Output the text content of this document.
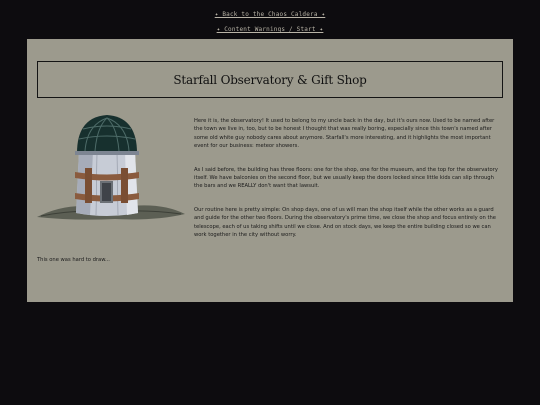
✦ Back to the Chaos Caldera ✦
✦ Content Warnings / Start ✦
Starfall Observatory & Gift Shop

Here it is, the observatory! It used to belong to my uncle back in the day, but it's ours now. Used to be named after the town we live in, too, but to be honest I thought that was really boring, especially since this town's named after some old white guy nobody cares about anymore. Starfall's more interesting, and it highlights the most important event for our business: meteor showers.

As I said before, the building has three floors: one for the shop, one for the museum, and the top for the observatory itself. We have balconies on the second floor, but we usually keep the doors locked since little kids can slip through the bars and we REALLY don't want that lawsuit.

Our routine here is pretty simple: On shop days, one of us will man the shop itself while the other works as a guard and guide for the other two floors. During the observatory's prime time, we close the shop and focus entirely on the telescope, each of us taking shifts until we close. And on stock days, we keep the entire building closed so we can work together in the city without worry.

This one was hard to draw...
